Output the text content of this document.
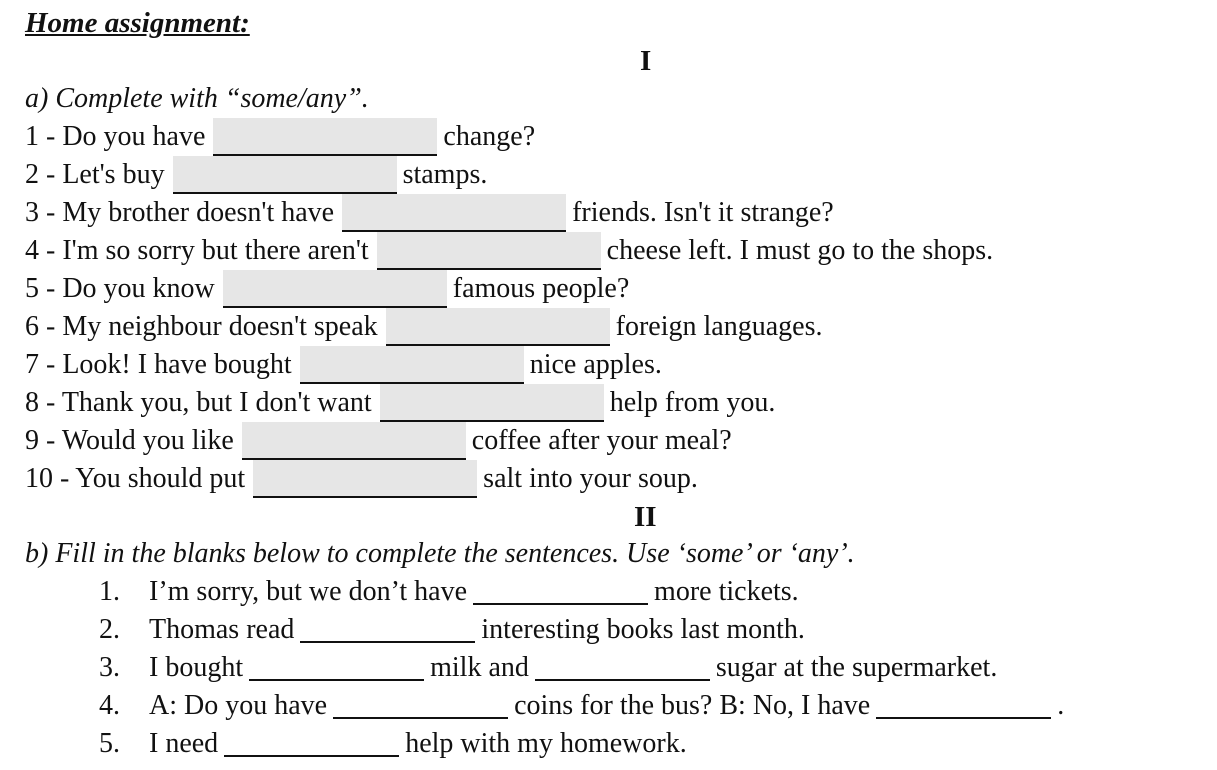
Home assignment:
I
a) Complete with “some/any”.
1 - Do you have	change?
2 - Let's buy	stamps.
3 - My brother doesn't have	friends. Isn't it strange?
4 - I'm so sorry but there aren't	cheese left. I must go to the shops.
5 - Do you know	famous people?
6 - My neighbour doesn't speak	foreign languages.
7 - Look! I have bought	nice apples.
8 - Thank you, but I don't want	help from you.
9 - Would you like	coffee after your meal?
10 - You should put	salt into your soup.
II
b) Fill in the blanks below to complete the sentences. Use ‘some’ or ‘any’.
1. I’m sorry, but we don’t have	more tickets.
2. Thomas read	interesting books last month.
3. I bought	milk and	sugar at the supermarket.
4. A: Do you have	coins for the bus? B: No, I have	.
5. I need	help with my homework.
